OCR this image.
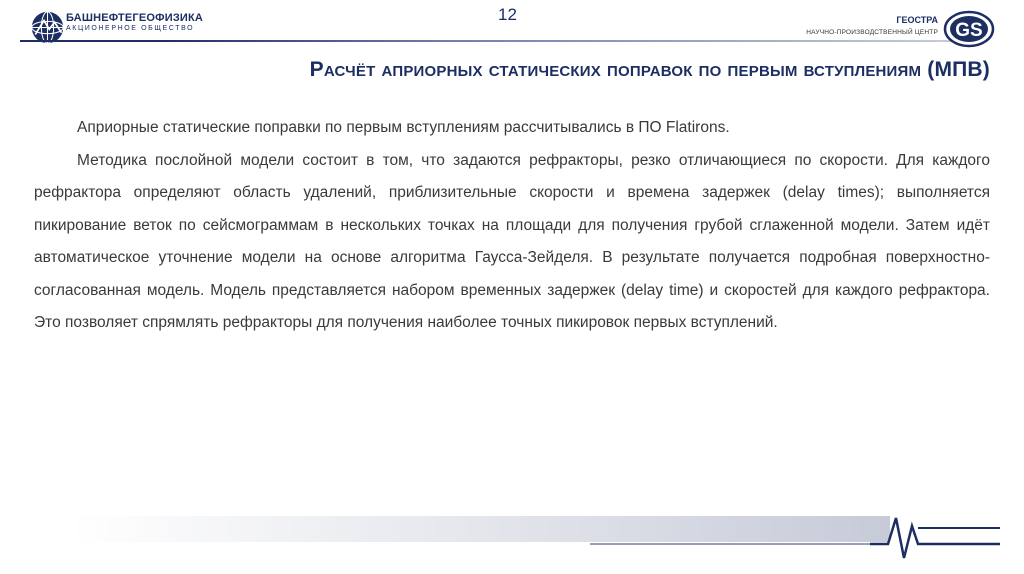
БАШНЕФТЕГЕОФИЗИКА
АКЦИОНЕРНОЕ ОБЩЕСТВО
12	ГЕОСТРА
НАУЧНО-ПРОИЗВОДСТВЕННЫЙ ЦЕНТР GS
Расчёт априорных статических поправок по первым вступлениям (МПВ)

Априорные статические поправки по первым вступлениям рассчитывались в ПО Flatirons.

Методика послойной модели состоит в том, что задаются рефракторы, резко отличающиеся по скорости. Для каждого рефрактора определяют область удалений, приблизительные скорости и времена задержек (delay times); выполняется пикирование веток по сейсмограммам в нескольких точках на площади для получения грубой сглаженной модели. Затем идёт автоматическое уточнение модели на основе алгоритма Гаусса-Зейделя. В результате получается подробная поверхностно-согласованная модель. Модель представляется набором временных задержек (delay time) и скоростей для каждого рефрактора. Это позволяет спрямлять рефракторы для получения наиболее точных пикировок первых вступлений.
